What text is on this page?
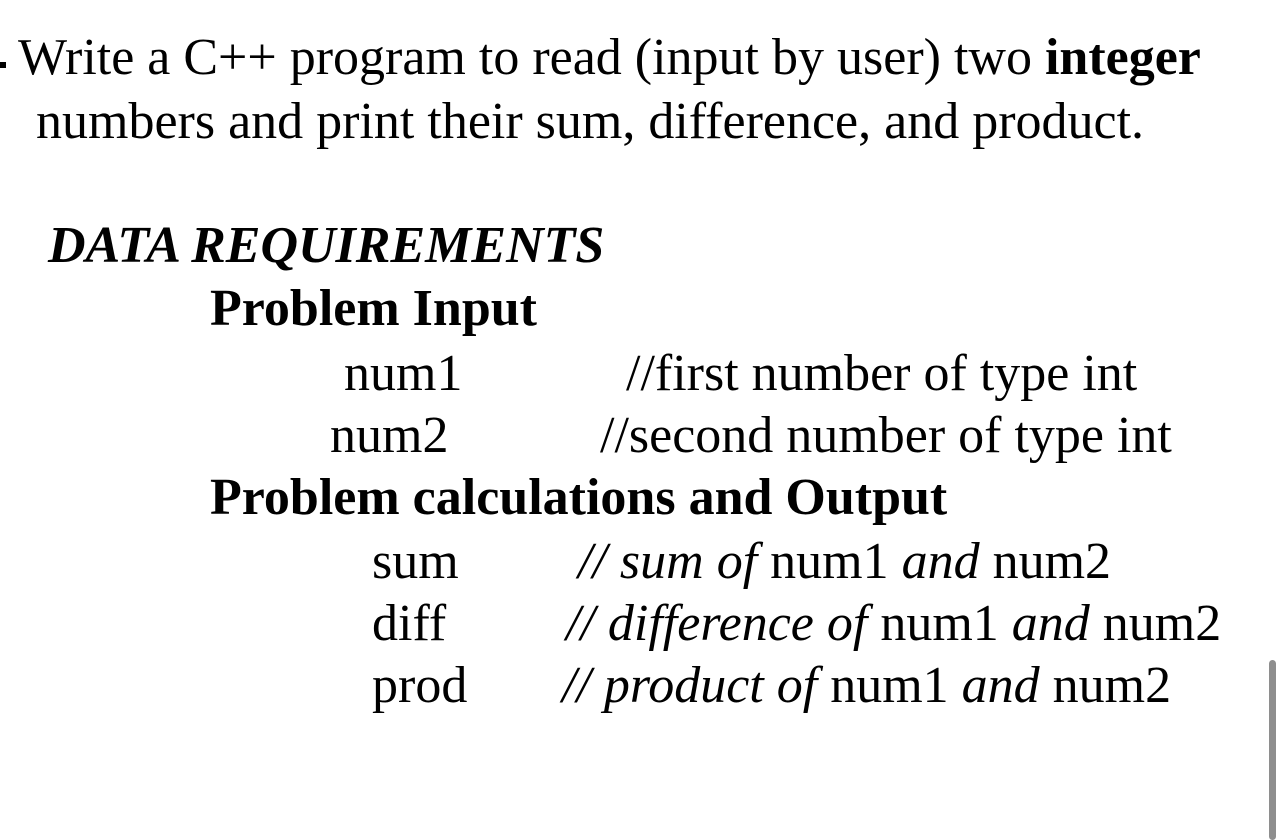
Write a C++ program to read (input by user) two integer
numbers and print their sum, difference, and product.
DATA REQUIREMENTS
Problem Input
num1	//first number of type int
num2	//second number of type int
Problem calculations and Output
sum // sum of num1 and num2
diff // difference of num1 and num2
prod // product of num1 and num2
